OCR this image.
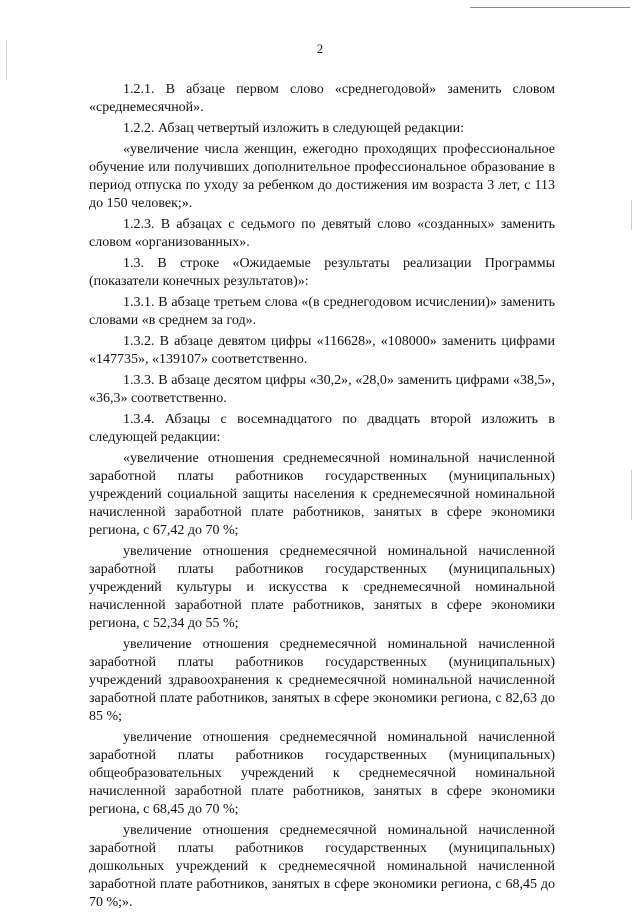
2

1.2.1. В абзаце первом слово «среднегодовой» заменить словом «среднемесячной».

1.2.2. Абзац четвертый изложить в следующей редакции:

«увеличение числа женщин, ежегодно проходящих профессиональное обучение или получивших дополнительное профессиональное образование в период отпуска по уходу за ребенком до достижения им возраста 3 лет, с 113 до 150 человек;».

1.2.3. В абзацах с седьмого по девятый слово «созданных» заменить словом «организованных».

1.3. В строке «Ожидаемые результаты реализации Программы (показатели конечных результатов)»:

1.3.1. В абзаце третьем слова «(в среднегодовом исчислении)» заменить словами «в среднем за год».

1.3.2. В абзаце девятом цифры «116628», «108000» заменить цифрами «147735», «139107» соответственно.

1.3.3. В абзаце десятом цифры «30,2», «28,0» заменить цифрами «38,5», «36,3» соответственно.

1.3.4. Абзацы с восемнадцатого по двадцать второй изложить в следующей редакции:

«увеличение отношения среднемесячной номинальной начисленной заработной платы работников государственных (муниципальных) учреждений социальной защиты населения к среднемесячной номинальной начисленной заработной плате работников, занятых в сфере экономики региона, с 67,42 до 70 %;

увеличение отношения среднемесячной номинальной начисленной заработной платы работников государственных (муниципальных) учреждений культуры и искусства к среднемесячной номинальной начисленной заработной плате работников, занятых в сфере экономики региона, с 52,34 до 55 %;

увеличение отношения среднемесячной номинальной начисленной заработной платы работников государственных (муниципальных) учреждений здравоохранения к среднемесячной номинальной начисленной заработной плате работников, занятых в сфере экономики региона, с 82,63 до 85 %;

увеличение отношения среднемесячной номинальной начисленной заработной платы работников государственных (муниципальных) общеобразовательных учреждений к среднемесячной номинальной начисленной заработной плате работников, занятых в сфере экономики региона, с 68,45 до 70 %;

увеличение отношения среднемесячной номинальной начисленной заработной платы работников государственных (муниципальных) дошкольных учреждений к среднемесячной номинальной начисленной заработной плате работников, занятых в сфере экономики региона, с 68,45 до 70 %;».
